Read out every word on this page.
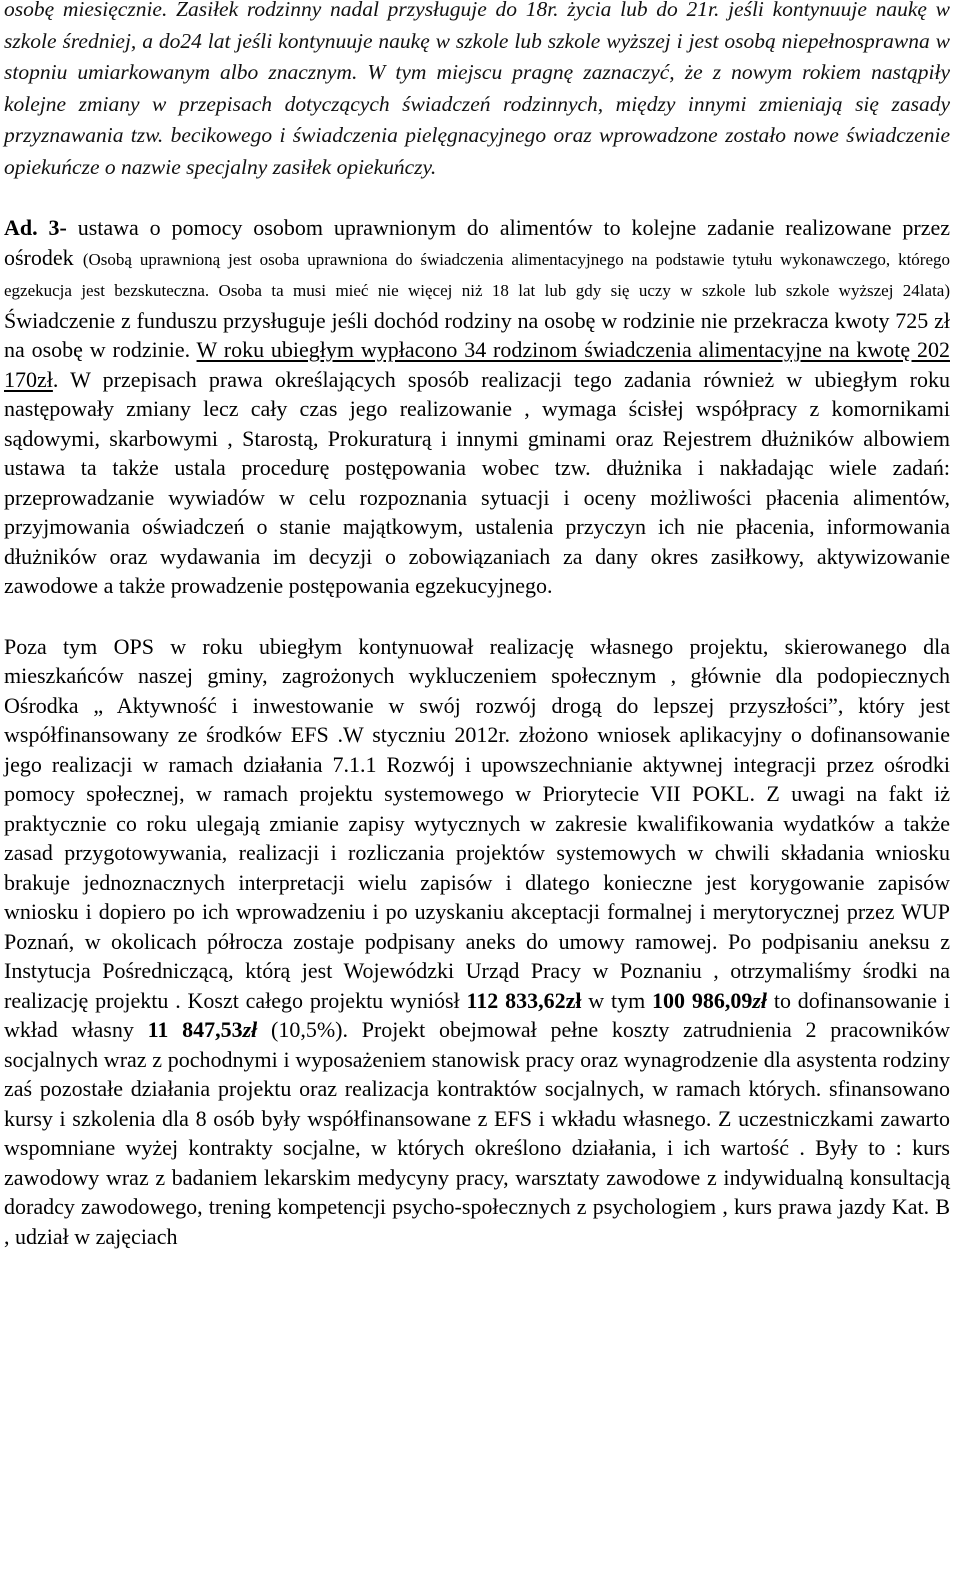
osobę miesięcznie. Zasiłek rodzinny nadal przysługuje do 18r. życia lub do 21r. jeśli kontynuuje naukę w szkole średniej, a do24 lat jeśli kontynuuje naukę w szkole lub szkole wyższej i jest osobą niepełnosprawna w stopniu umiarkowanym albo znacznym. W tym miejscu pragnę zaznaczyć, że z nowym rokiem nastąpiły kolejne zmiany w przepisach dotyczących świadczeń rodzinnych, między innymi zmieniają się zasady przyznawania tzw. becikowego i świadczenia pielęgnacyjnego oraz wprowadzone zostało nowe świadczenie opiekuńcze o nazwie specjalny zasiłek opiekuńczy.

Ad. 3- ustawa o pomocy osobom uprawnionym do alimentów to kolejne zadanie realizowane przez ośrodek (Osobą uprawnioną jest osoba uprawniona do świadczenia alimentacyjnego na podstawie tytułu wykonawczego, którego egzekucja jest bezskuteczna. Osoba ta musi mieć nie więcej niż 18 lat lub gdy się uczy w szkole lub szkole wyższej 24lata) Świadczenie z funduszu przysługuje jeśli dochód rodziny na osobę w rodzinie nie przekracza kwoty 725 zł na osobę w rodzinie. W roku ubiegłym wypłacono 34 rodzinom świadczenia alimentacyjne na kwotę 202 170zł. W przepisach prawa określających sposób realizacji tego zadania również w ubiegłym roku następowały zmiany lecz cały czas jego realizowanie , wymaga ścisłej współpracy z komornikami sądowymi, skarbowymi , Starostą, Prokuraturą i innymi gminami oraz Rejestrem dłużników albowiem ustawa ta także ustala procedurę postępowania wobec tzw. dłużnika i nakładając wiele zadań: przeprowadzanie wywiadów w celu rozpoznania sytuacji i oceny możliwości płacenia alimentów, przyjmowania oświadczeń o stanie majątkowym, ustalenia przyczyn ich nie płacenia, informowania dłużników oraz wydawania im decyzji o zobowiązaniach za dany okres zasiłkowy, aktywizowanie zawodowe a także prowadzenie postępowania egzekucyjnego.

Poza tym OPS w roku ubiegłym kontynuował realizację własnego projektu, skierowanego dla mieszkańców naszej gminy, zagrożonych wykluczeniem społecznym , głównie dla podopiecznych Ośrodka „ Aktywność i inwestowanie w swój rozwój drogą do lepszej przyszłości”, który jest współfinansowany ze środków EFS .W styczniu 2012r. złożono wniosek aplikacyjny o dofinansowanie jego realizacji w ramach działania 7.1.1 Rozwój i upowszechnianie aktywnej integracji przez ośrodki pomocy społecznej, w ramach projektu systemowego w Priorytecie VII POKL. Z uwagi na fakt iż praktycznie co roku ulegają zmianie zapisy wytycznych w zakresie kwalifikowania wydatków a także zasad przygotowywania, realizacji i rozliczania projektów systemowych w chwili składania wniosku brakuje jednoznacznych interpretacji wielu zapisów i dlatego konieczne jest korygowanie zapisów wniosku i dopiero po ich wprowadzeniu i po uzyskaniu akceptacji formalnej i merytorycznej przez WUP Poznań, w okolicach półrocza zostaje podpisany aneks do umowy ramowej. Po podpisaniu aneksu z Instytucja Pośredniczącą, którą jest Wojewódzki Urząd Pracy w Poznaniu , otrzymaliśmy środki na realizację projektu . Koszt całego projektu wyniósł 112 833,62zł w tym 100 986,09zł to dofinansowanie i wkład własny 11 847,53zł (10,5%). Projekt obejmował pełne koszty zatrudnienia 2 pracowników socjalnych wraz z pochodnymi i wyposażeniem stanowisk pracy oraz wynagrodzenie dla asystenta rodziny zaś pozostałe działania projektu oraz realizacja kontraktów socjalnych, w ramach których. sfinansowano kursy i szkolenia dla 8 osób były współfinansowane z EFS i wkładu własnego. Z uczestniczkami zawarto wspomniane wyżej kontrakty socjalne, w których określono działania, i ich wartość . Były to : kurs zawodowy wraz z badaniem lekarskim medycyny pracy, warsztaty zawodowe z indywidualną konsultacją doradcy zawodowego, trening kompetencji psycho-społecznych z psychologiem , kurs prawa jazdy Kat. B , udział w zajęciach
